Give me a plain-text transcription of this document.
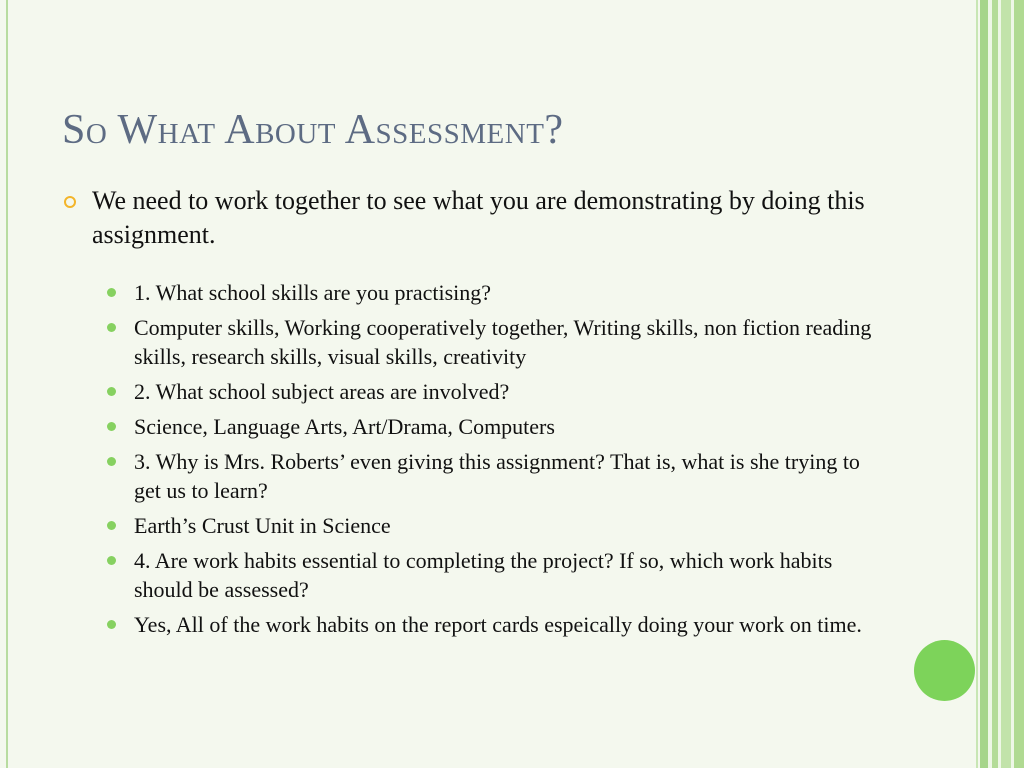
So What About Assessment?

We need to work together to see what you are demonstrating by doing this assignment.

1. What school skills are you practising?
Computer skills, Working cooperatively together, Writing skills, non fiction reading skills, research skills, visual skills, creativity
2. What school subject areas are involved?
Science, Language Arts, Art/Drama, Computers
3. Why is Mrs. Roberts’ even giving this assignment? That is, what is she trying to get us to learn?
Earth’s Crust Unit in Science
4. Are work habits essential to completing the project? If so, which work habits should be assessed?
Yes, All of the work habits on the report cards espeically doing your work on time.
